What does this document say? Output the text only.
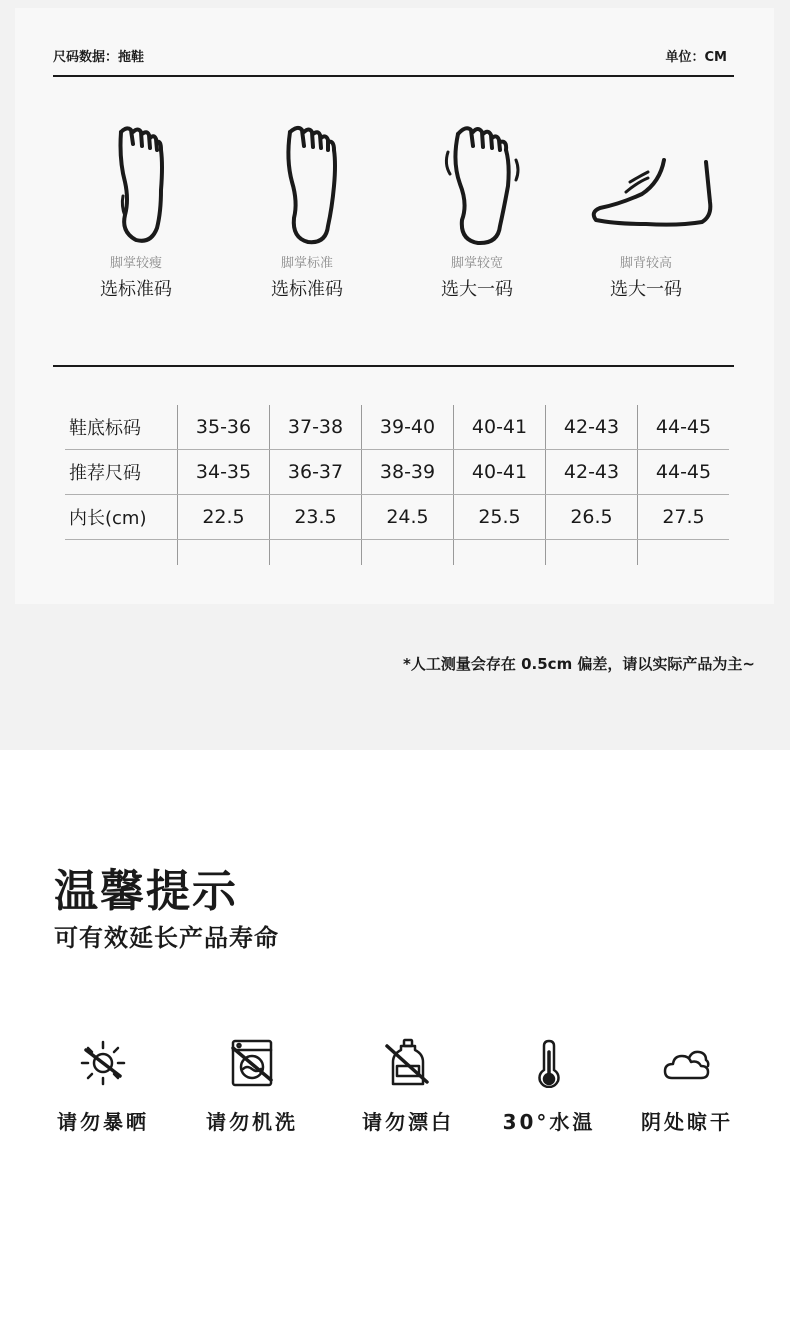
尺码数据：拖鞋	单位：CM
脚掌较瘦
选标准码
脚掌标准
选标准码
脚掌较宽
选大一码
脚背较高
选大一码
鞋底标码	35-36	37-38	39-40	40-41	42-43	44-45
推荐尺码	34-35	36-37	38-39	40-41	42-43	44-45
内长(cm)	22.5	23.5	24.5	25.5	26.5	27.5

*人工测量会存在 0.5cm 偏差，请以实际产品为主~
温馨提示
可有效延长产品寿命
请勿暴晒	请勿机洗	请勿漂白	30°水温	阴处晾干
